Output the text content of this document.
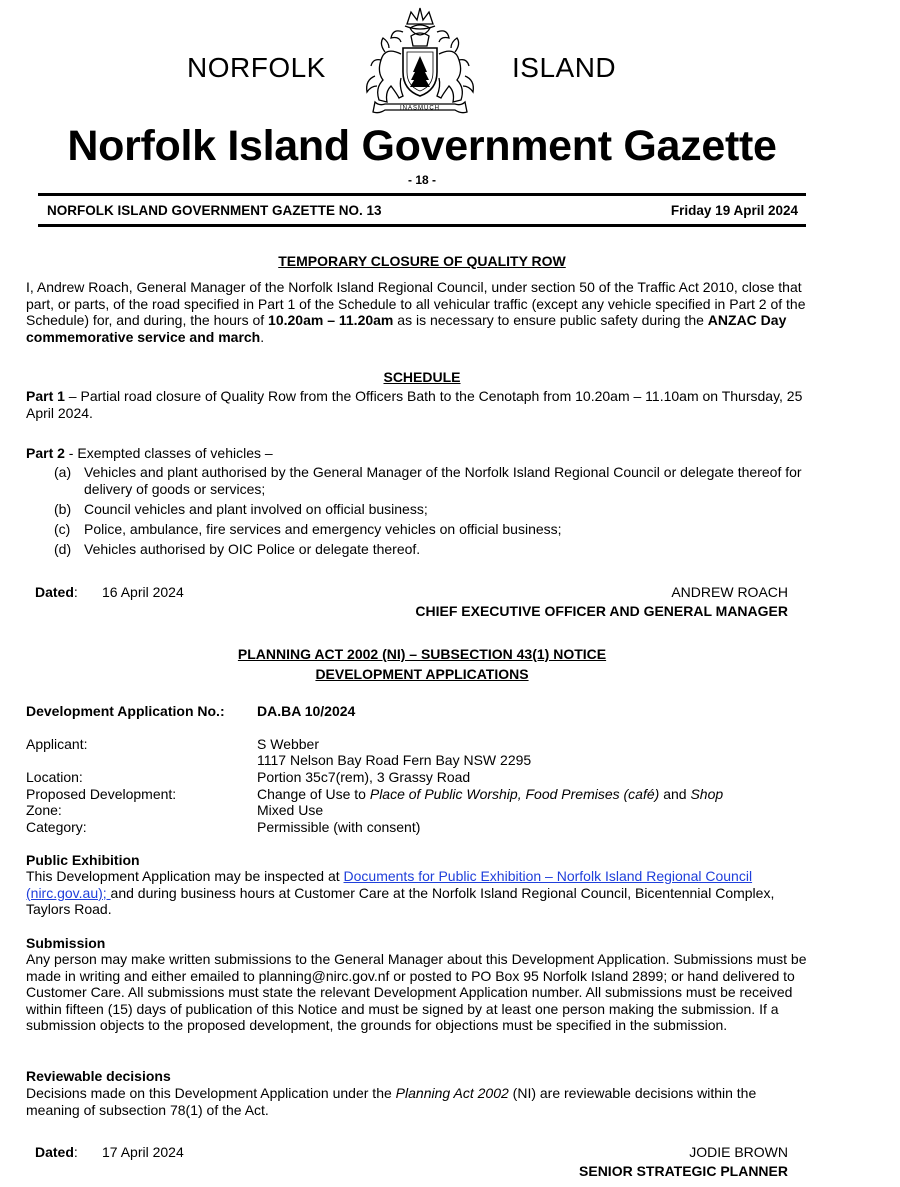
NORFOLK	ISLAND
INASMUCH
Norfolk Island Government Gazette
- 18 -
NORFOLK ISLAND GOVERNMENT GAZETTE NO. 13	Friday 19 April 2024
TEMPORARY CLOSURE OF QUALITY ROW

I, Andrew Roach, General Manager of the Norfolk Island Regional Council, under section 50 of the Traffic Act 2010, close that part, or parts, of the road specified in Part 1 of the Schedule to all vehicular traffic (except any vehicle specified in Part 2 of the Schedule) for, and during, the hours of 10.20am – 11.20am as is necessary to ensure public safety during the ANZAC Day commemorative service and march.

SCHEDULE

Part 1 – Partial road closure of Quality Row from the Officers Bath to the Cenotaph from 10.20am – 11.10am on Thursday, 25 April 2024.

Part 2 - Exempted classes of vehicles –

(a) Vehicles and plant authorised by the General Manager of the Norfolk Island Regional Council or delegate thereof for delivery of goods or services;
(b) Council vehicles and plant involved on official business;
(c) Police, ambulance, fire services and emergency vehicles on official business;
(d) Vehicles authorised by OIC Police or delegate thereof.
Dated: 16 April 2024	ANDREW ROACH
CHIEF EXECUTIVE OFFICER AND GENERAL MANAGER
PLANNING ACT 2002 (NI) – SUBSECTION 43(1) NOTICE
DEVELOPMENT APPLICATIONS
Development Application No.: DA.BA 10/2024
Applicant:	S Webber
1117 Nelson Bay Road Fern Bay NSW 2295
Location:	Portion 35c7(rem), 3 Grassy Road
Proposed Development:	Change of Use to Place of Public Worship, Food Premises (café) and Shop
Zone:	Mixed Use
Category:	Permissible (with consent)
Public Exhibition

This Development Application may be inspected at Documents for Public Exhibition – Norfolk Island Regional Council (nirc.gov.au); and during business hours at Customer Care at the Norfolk Island Regional Council, Bicentennial Complex, Taylors Road.

Submission
Any person may make written submissions to the General Manager about this Development Application. Submissions must be made in writing and either emailed to planning@nirc.gov.nf or posted to PO Box 95 Norfolk Island 2899; or hand delivered to Customer Care. All submissions must state the relevant Development Application number. All submissions must be received within fifteen (15) days of publication of this Notice and must be signed by at least one person making the submission. If a submission objects to the proposed development, the grounds for objections must be specified in the submission.
Reviewable decisions

Decisions made on this Development Application under the Planning Act 2002 (NI) are reviewable decisions within the meaning of subsection 78(1) of the Act.

Dated: 17 April 2024	JODIE BROWN
SENIOR STRATEGIC PLANNER
